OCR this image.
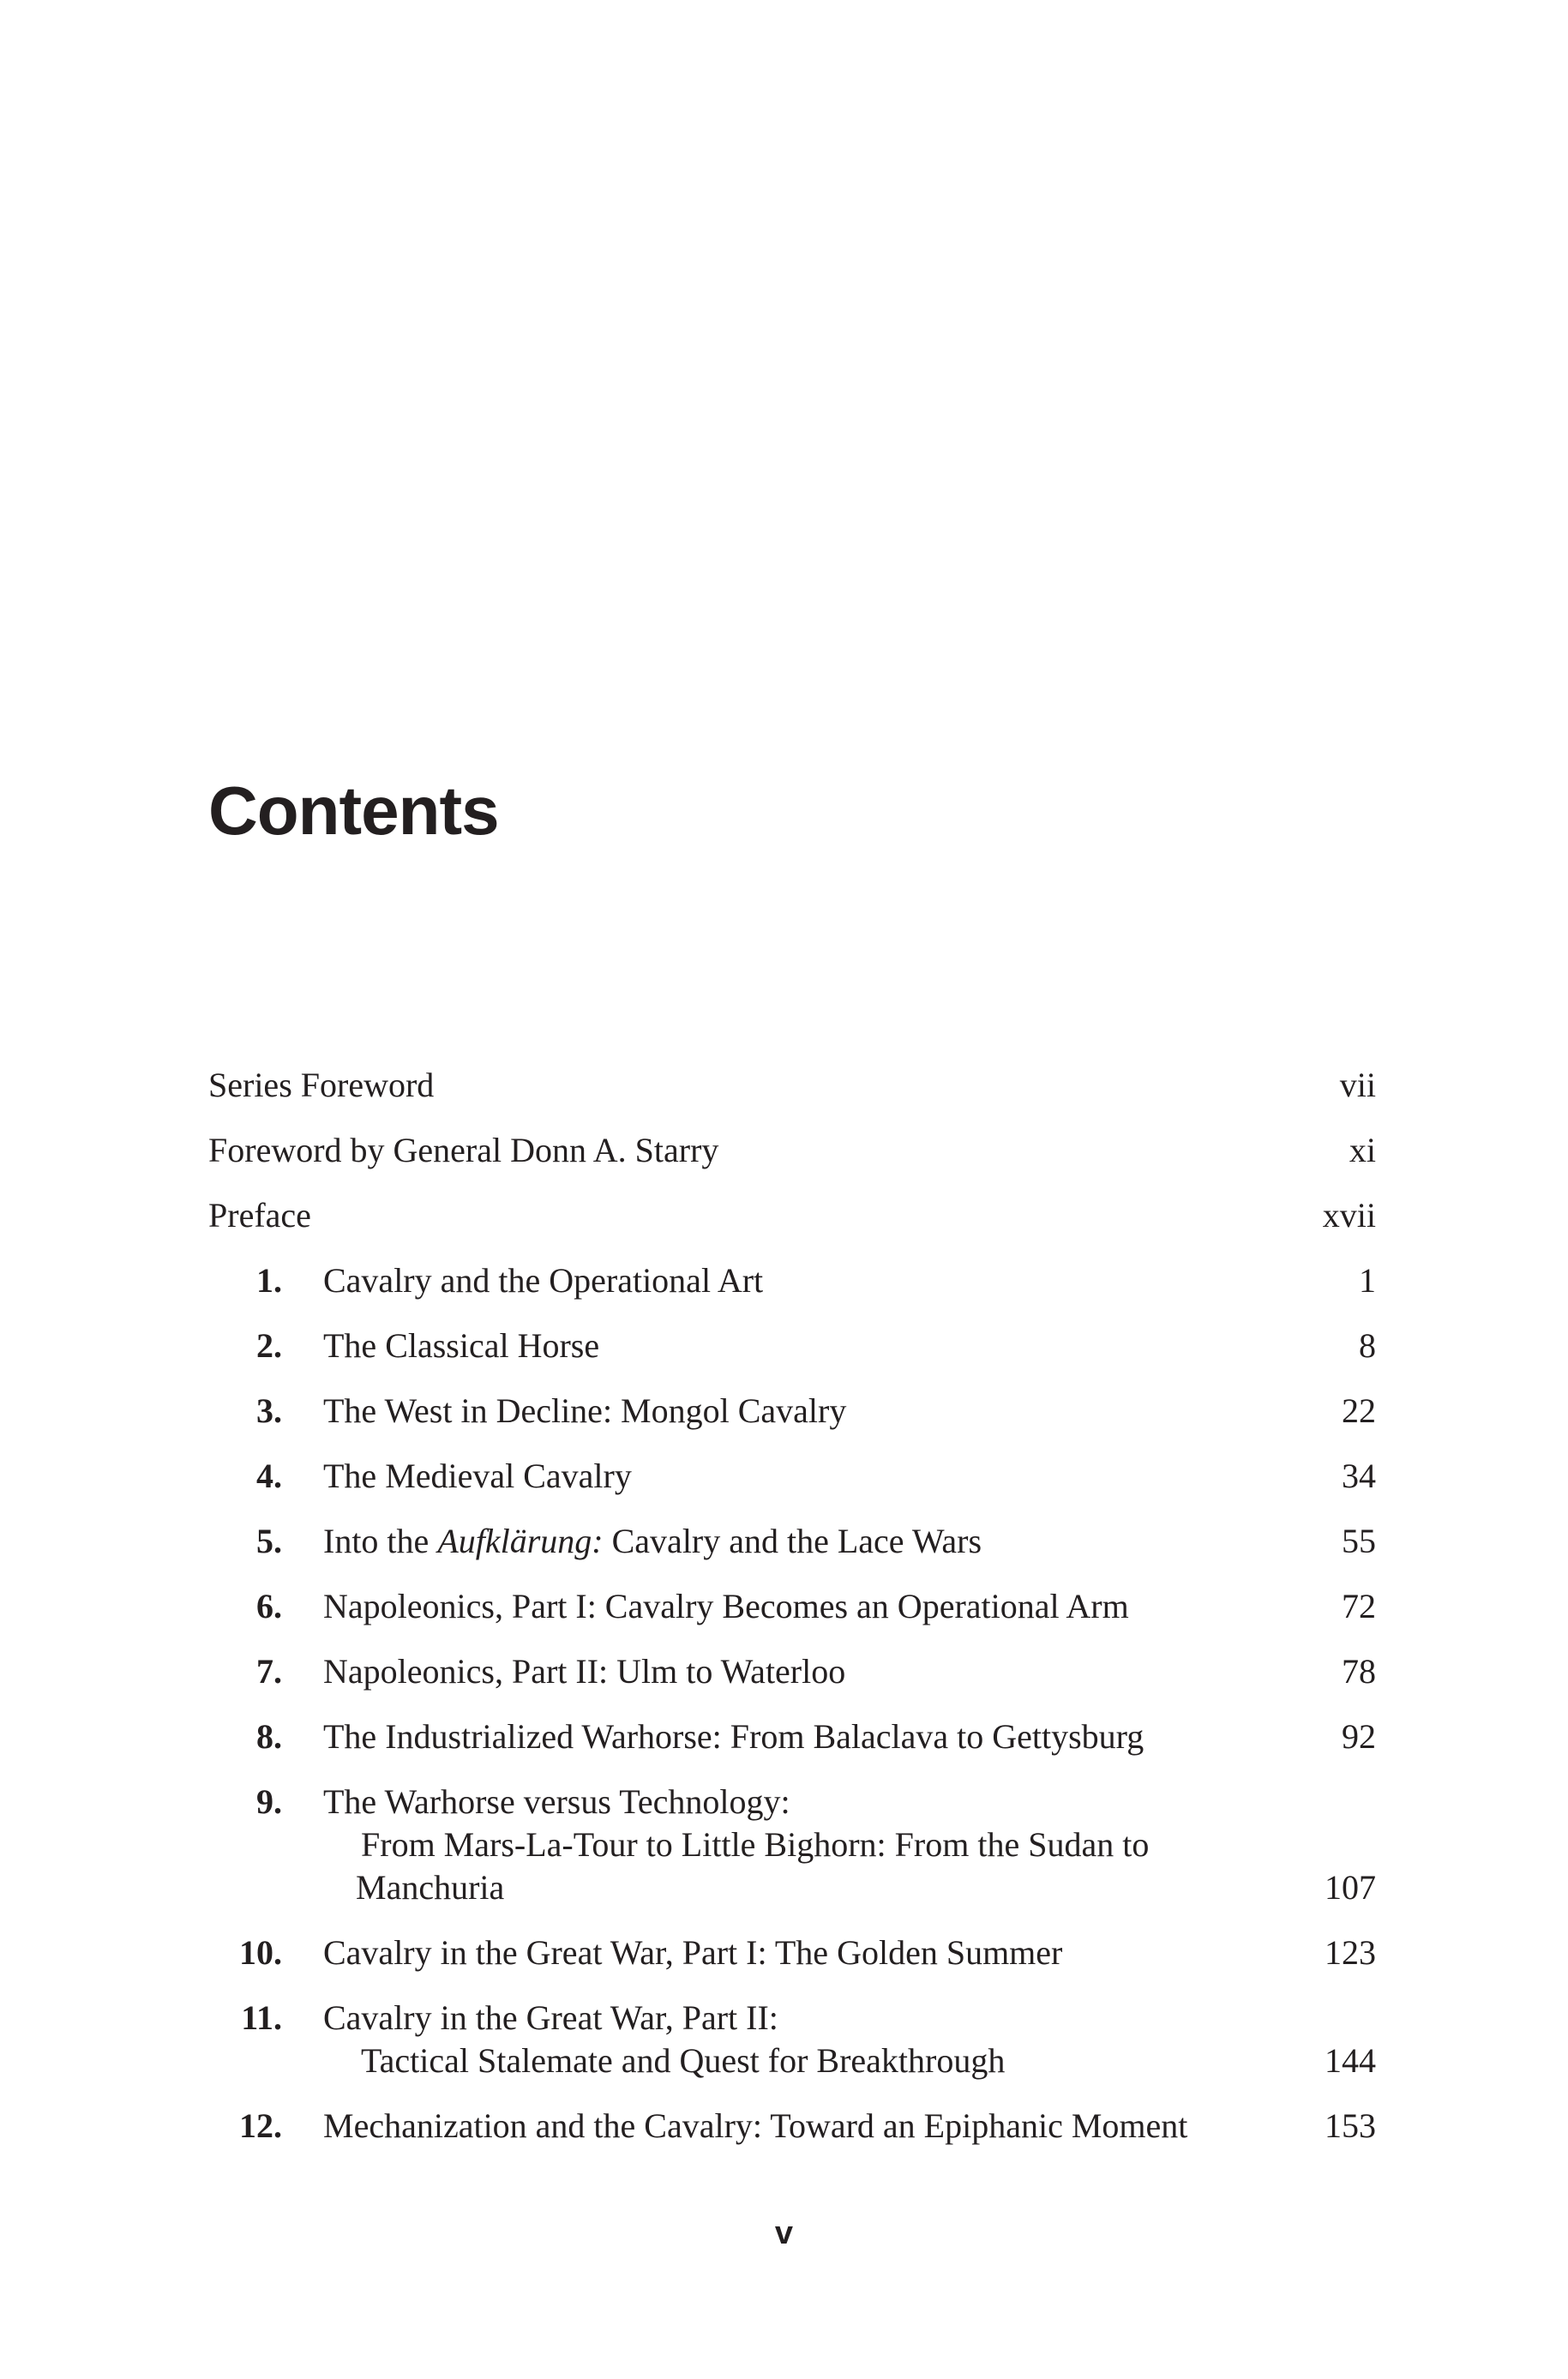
Contents
Series Foreword	vii
Foreword by General Donn A. Starry	xi
Preface	xvii
1. Cavalry and the Operational Art	1
2. The Classical Horse	8
3. The West in Decline: Mongol Cavalry	22
4. The Medieval Cavalry	34
5. Into the Aufklärung: Cavalry and the Lace Wars	55
6. Napoleonics, Part I: Cavalry Becomes an Operational Arm	72
7. Napoleonics, Part II: Ulm to Waterloo	78
8. The Industrialized Warhorse: From Balaclava to Gettysburg	92
9. The Warhorse versus Technology:
From Mars-La-Tour to Little Bighorn: From the Sudan to
Manchuria	107
10. Cavalry in the Great War, Part I: The Golden Summer	123
11. Cavalry in the Great War, Part II:
Tactical Stalemate and Quest for Breakthrough	144
12. Mechanization and the Cavalry: Toward an Epiphanic Moment	153
v
